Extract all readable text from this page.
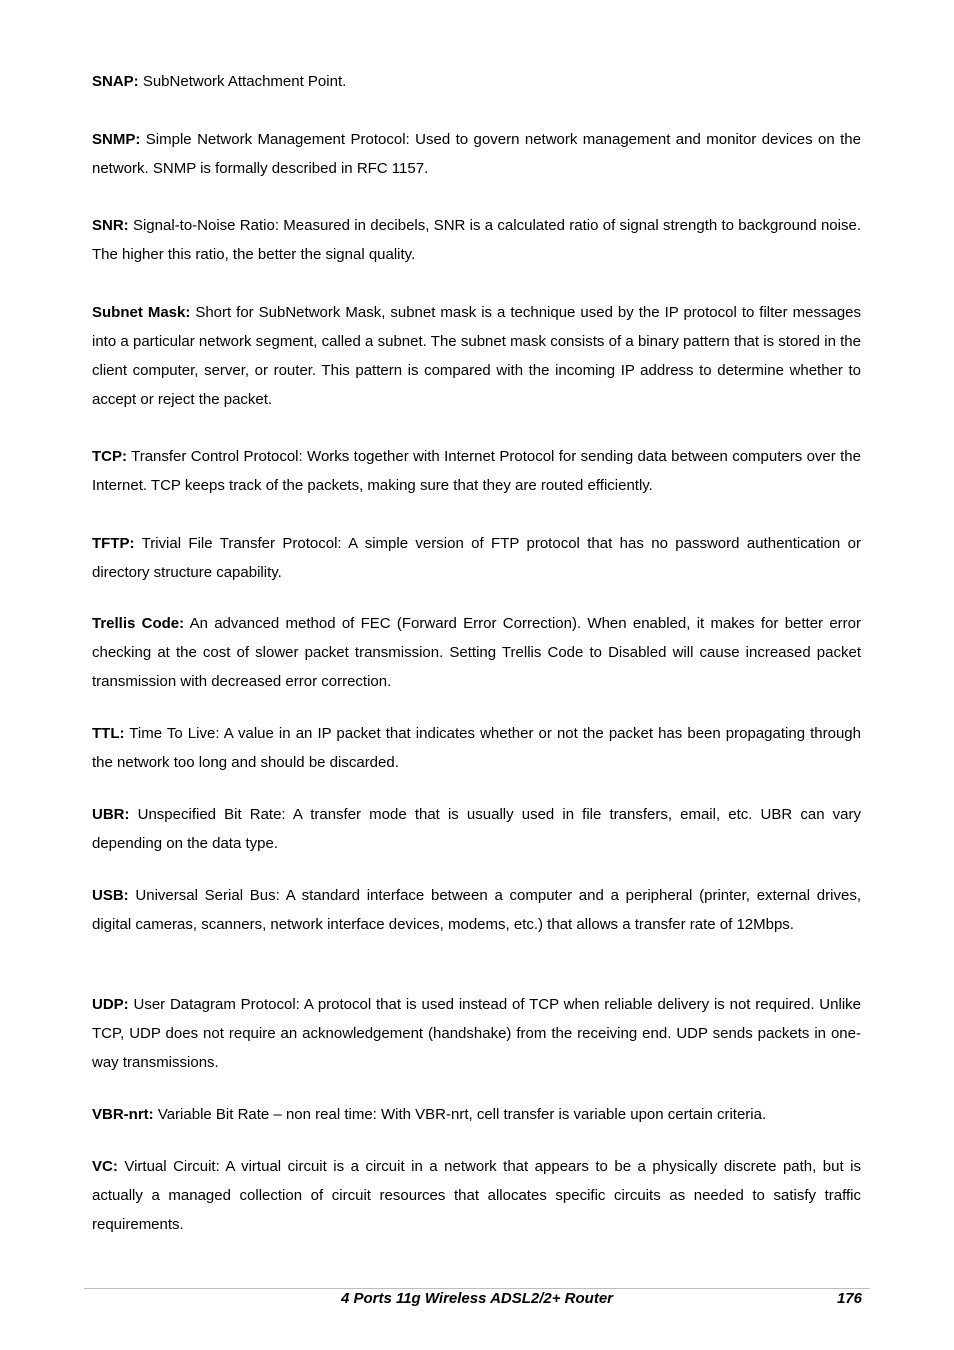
SNAP: SubNetwork Attachment Point.

SNMP: Simple Network Management Protocol: Used to govern network management and monitor devices on the network. SNMP is formally described in RFC 1157.

SNR: Signal-to-Noise Ratio: Measured in decibels, SNR is a calculated ratio of signal strength to background noise. The higher this ratio, the better the signal quality.

Subnet Mask: Short for SubNetwork Mask, subnet mask is a technique used by the IP protocol to filter messages into a particular network segment, called a subnet. The subnet mask consists of a binary pattern that is stored in the client computer, server, or router. This pattern is compared with the incoming IP address to determine whether to accept or reject the packet.

TCP: Transfer Control Protocol: Works together with Internet Protocol for sending data between computers over the Internet. TCP keeps track of the packets, making sure that they are routed efficiently.

TFTP: Trivial File Transfer Protocol: A simple version of FTP protocol that has no password authentication or directory structure capability.

Trellis Code: An advanced method of FEC (Forward Error Correction). When enabled, it makes for better error checking at the cost of slower packet transmission. Setting Trellis Code to Disabled will cause increased packet transmission with decreased error correction.

TTL: Time To Live: A value in an IP packet that indicates whether or not the packet has been propagating through the network too long and should be discarded.

UBR: Unspecified Bit Rate: A transfer mode that is usually used in file transfers, email, etc. UBR can vary depending on the data type.

USB: Universal Serial Bus: A standard interface between a computer and a peripheral (printer, external drives, digital cameras, scanners, network interface devices, modems, etc.) that allows a transfer rate of 12Mbps.

UDP: User Datagram Protocol: A protocol that is used instead of TCP when reliable delivery is not required. Unlike TCP, UDP does not require an acknowledgement (handshake) from the receiving end. UDP sends packets in one-way transmissions.

VBR-nrt: Variable Bit Rate – non real time: With VBR-nrt, cell transfer is variable upon certain criteria.

VC: Virtual Circuit: A virtual circuit is a circuit in a network that appears to be a physically discrete path, but is actually a managed collection of circuit resources that allocates specific circuits as needed to satisfy traffic requirements.

4 Ports 11g Wireless ADSL2/2+ Router	176
